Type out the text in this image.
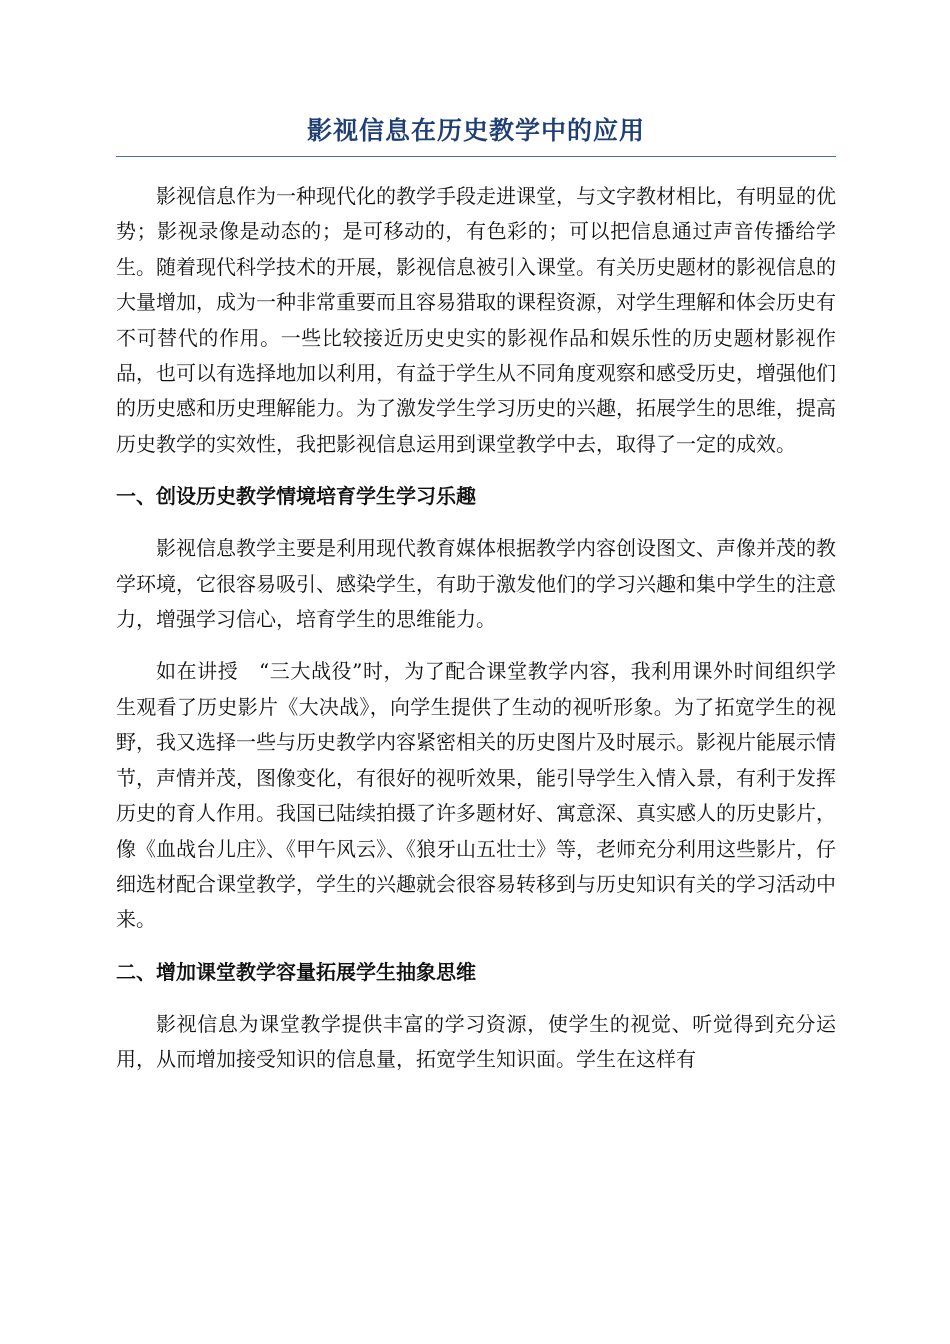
影视信息在历史教学中的应用

影视信息作为一种现代化的教学手段走进课堂，与文字教材相比，有明显的优势；影视录像是动态的；是可移动的，有色彩的；可以把信息通过声音传播给学生。随着现代科学技术的开展，影视信息被引入课堂。有关历史题材的影视信息的大量增加，成为一种非常重要而且容易猎取的课程资源，对学生理解和体会历史有不可替代的作用。一些比较接近历史史实的影视作品和娱乐性的历史题材影视作品，也可以有选择地加以利用，有益于学生从不同角度观察和感受历史，增强他们的历史感和历史理解能力。为了激发学生学习历史的兴趣，拓展学生的思维，提高历史教学的实效性，我把影视信息运用到课堂教学中去，取得了一定的成效。

一、创设历史教学情境培育学生学习乐趣

影视信息教学主要是利用现代教育媒体根据教学内容创设图文、声像并茂的教学环境，它很容易吸引、感染学生，有助于激发他们的学习兴趣和集中学生的注意力，增强学习信心，培育学生的思维能力。

如在讲授　“三大战役”时，为了配合课堂教学内容，我利用课外时间组织学生观看了历史影片《大决战》，向学生提供了生动的视听形象。为了拓宽学生的视野，我又选择一些与历史教学内容紧密相关的历史图片及时展示。影视片能展示情节，声情并茂，图像变化，有很好的视听效果，能引导学生入情入景，有利于发挥历史的育人作用。我国已陆续拍摄了许多题材好、寓意深、真实感人的历史影片，像《血战台儿庄》、《甲午风云》、《狼牙山五壮士》等，老师充分利用这些影片，仔细选材配合课堂教学，学生的兴趣就会很容易转移到与历史知识有关的学习活动中来。

二、增加课堂教学容量拓展学生抽象思维

影视信息为课堂教学提供丰富的学习资源，使学生的视觉、听觉得到充分运用，从而增加接受知识的信息量，拓宽学生知识面。学生在这样有
